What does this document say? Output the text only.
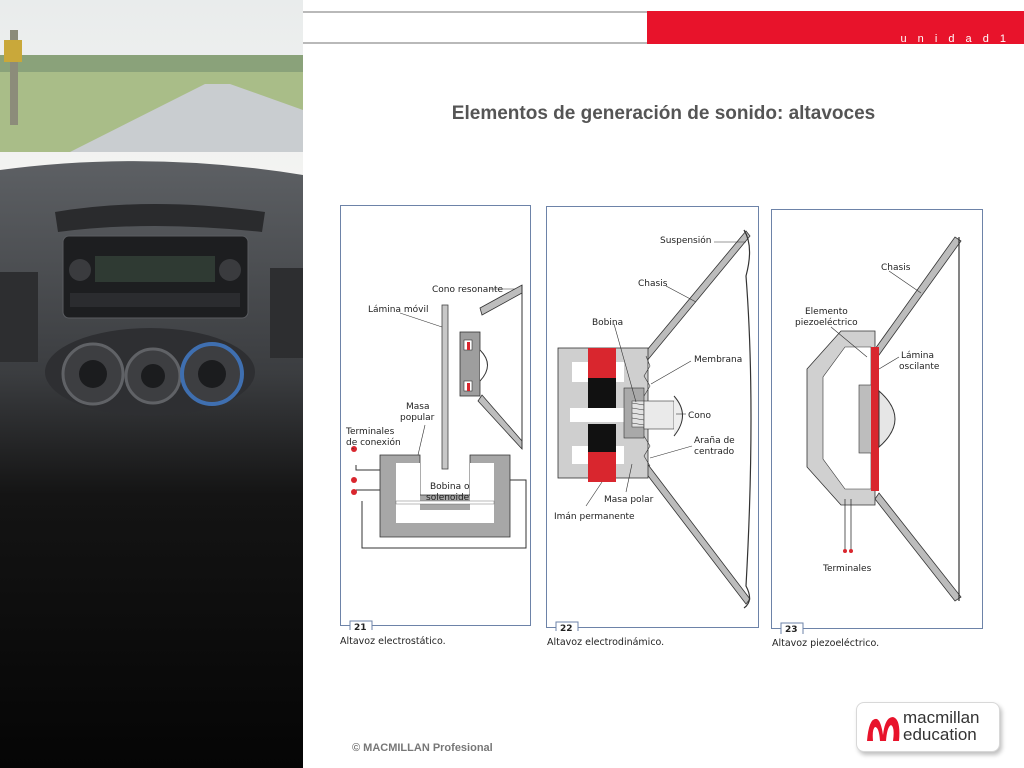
u n i d a d 1
Elementos de generación de sonido: altavoces
Cono resonante
Lámina móvil
Masa
popular
Terminales
de conexión
Bobina o
solenoide
21
Altavoz electrostático.
Suspensión
Chasis
Bobina
Membrana
Cono
Araña de
centrado
Masa polar
Imán permanente
22
Altavoz electrodinámico.
Chasis
Elemento
piezoeléctrico
Lámina
oscilante
Terminales
23
Altavoz piezoeléctrico.
© MACMILLAN Profesional
macmillan
education
